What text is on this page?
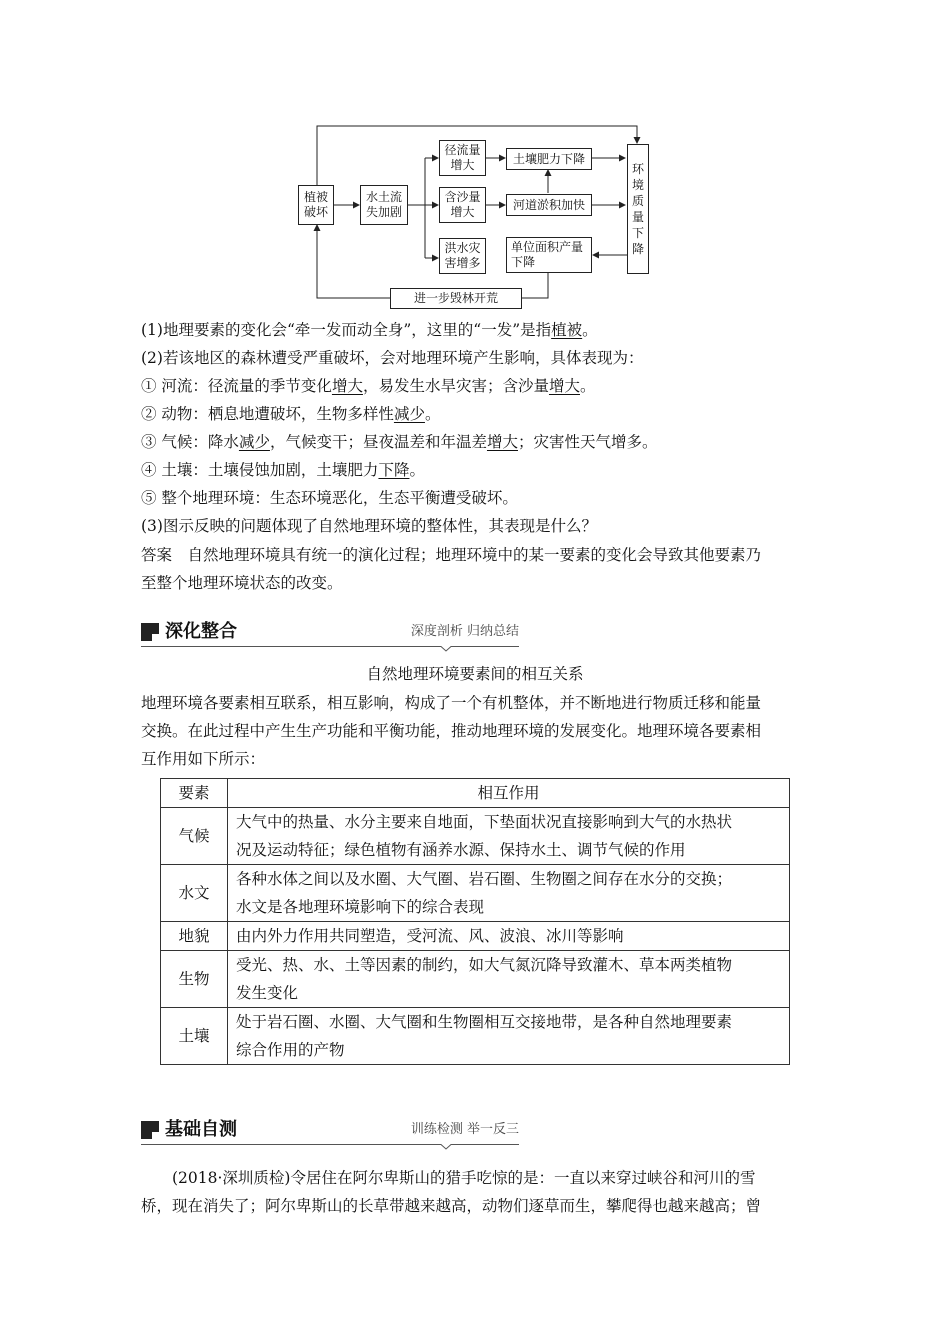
植被破坏
水土流失加剧
径流量增大
含沙量增大
洪水灾害增多
土壤肥力下降
河道淤积加快
单位面积产量下降
环境质量下降
进一步毁林开荒
(1)地理要素的变化会“牵一发而动全身”，这里的“一发”是指植被。
(2)若该地区的森林遭受严重破坏，会对地理环境产生影响，具体表现为：
① 河流：径流量的季节变化增大，易发生水旱灾害；含沙量增大。
② 动物：栖息地遭破坏，生物多样性减少。
③ 气候：降水减少，气候变干；昼夜温差和年温差增大；灾害性天气增多。
④ 土壤：土壤侵蚀加剧，土壤肥力下降。
⑤ 整个地理环境：生态环境恶化，生态平衡遭受破坏。
(3)图示反映的问题体现了自然地理环境的整体性，其表现是什么？
答案　自然地理环境具有统一的演化过程；地理环境中的某一要素的变化会导致其他要素乃
至整个地理环境状态的改变。
深化整合	深度剖析 归纳总结
自然地理环境要素间的相互关系
地理环境各要素相互联系，相互影响，构成了一个有机整体，并不断地进行物质迁移和能量
交换。在此过程中产生生产功能和平衡功能，推动地理环境的发展变化。地理环境各要素相
互作用如下所示：
要素	相互作用
气候	大气中的热量、水分主要来自地面，下垫面状况直接影响到大气的水热状
况及运动特征；绿色植物有涵养水源、保持水土、调节气候的作用

水文	各种水体之间以及水圈、大气圈、岩石圈、生物圈之间存在水分的交换；
水文是各地理环境影响下的综合表现

地貌	由内外力作用共同塑造，受河流、风、波浪、冰川等影响

生物	受光、热、水、土等因素的制约，如大气氮沉降导致灌木、草本两类植物
发生变化

土壤	处于岩石圈、水圈、大气圈和生物圈相互交接地带，是各种自然地理要素
综合作用的产物
基础自测	训练检测 举一反三
(2018·深圳质检)令居住在阿尔卑斯山的猎手吃惊的是：一直以来穿过峡谷和河川的雪
桥，现在消失了；阿尔卑斯山的长草带越来越高，动物们逐草而生，攀爬得也越来越高；曾
